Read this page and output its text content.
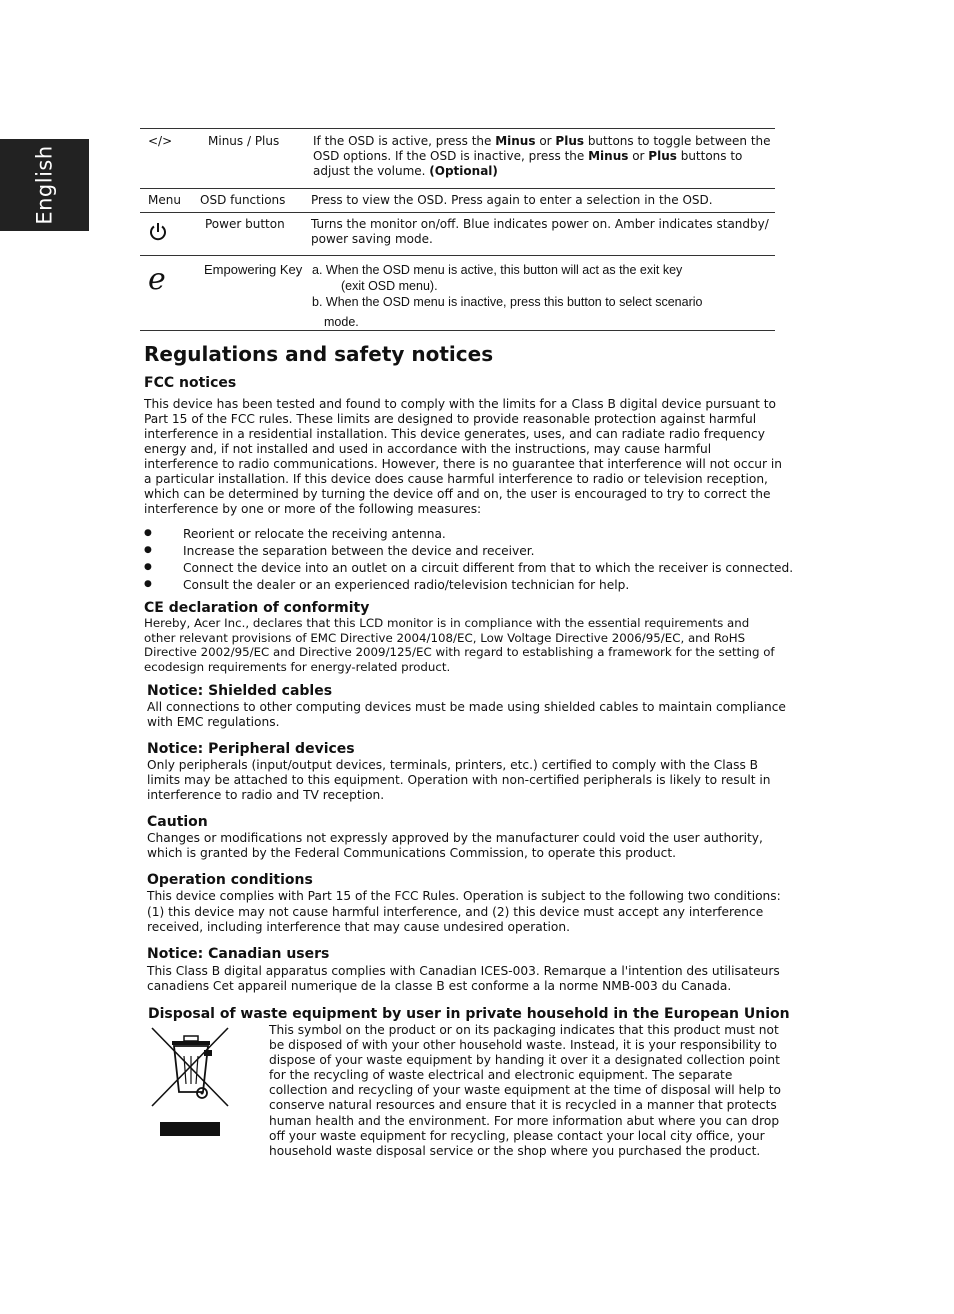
English
</>	Minus / Plus	If the OSD is active, press the Minus or Plus buttons to toggle between the OSD options. If the OSD is inactive, press the Minus or Plus buttons to adjust the volume. (Optional)
Menu	OSD functions	Press to view the OSD. Press again to enter a selection in the OSD.
	Power button	Turns the monitor on/off. Blue indicates power on. Amber indicates standby/ power saving mode.

e	Empowering Key	a. When the OSD menu is active, this button will act as the exit key
(exit OSD menu).
b. When the OSD menu is inactive, press this button to select scenario
mode.
Regulations and safety notices
FCC notices

This device has been tested and found to comply with the limits for a Class B digital device pursuant to Part 15 of the FCC rules. These limits are designed to provide reasonable protection against harmful interference in a residential installation. This device generates, uses, and can radiate radio frequency energy and, if not installed and used in accordance with the instructions, may cause harmful interference to radio communications. However, there is no guarantee that interference will not occur in a particular installation. If this device does cause harmful interference to radio or television reception, which can be determined by turning the device off and on, the user is encouraged to try to correct the interference by one or more of the following measures:

● Reorient or relocate the receiving antenna.
● Increase the separation between the device and receiver.
● Connect the device into an outlet on a circuit different from that to which the receiver is connected.
● Consult the dealer or an experienced radio/television technician for help.
CE declaration of conformity

Hereby, Acer Inc., declares that this LCD monitor is in compliance with the essential requirements and other relevant provisions of EMC Directive 2004/108/EC, Low Voltage Directive 2006/95/EC, and RoHS Directive 2002/95/EC and Directive 2009/125/EC with regard to establishing a framework for the setting of ecodesign requirements for energy-related product.

Notice: Shielded cables

All connections to other computing devices must be made using shielded cables to maintain compliance with EMC regulations.

Notice: Peripheral devices

Only peripherals (input/output devices, terminals, printers, etc.) certified to comply with the Class B limits may be attached to this equipment. Operation with non-certified peripherals is likely to result in interference to radio and TV reception.

Caution

Changes or modifications not expressly approved by the manufacturer could void the user authority, which is granted by the Federal Communications Commission, to operate this product.

Operation conditions

This device complies with Part 15 of the FCC Rules. Operation is subject to the following two conditions: (1) this device may not cause harmful interference, and (2) this device must accept any interference received, including interference that may cause undesired operation.

Notice: Canadian users

This Class B digital apparatus complies with Canadian ICES-003. Remarque a l'intention des utilisateurs canadiens Cet appareil numerique de la classe B est conforme a la norme NMB-003 du Canada.

Disposal of waste equipment by user in private household in the European Union

This symbol on the product or on its packaging indicates that this product must not be disposed of with your other household waste. Instead, it is your responsibility to dispose of your waste equipment by handing it over it a designated collection point for the recycling of waste electrical and electronic equipment. The separate collection and recycling of your waste equipment at the time of disposal will help to conserve natural resources and ensure that it is recycled in a manner that protects human health and the environment. For more information abut where you can drop off your waste equipment for recycling, please contact your local city office, your household waste disposal service or the shop where you purchased the product.
